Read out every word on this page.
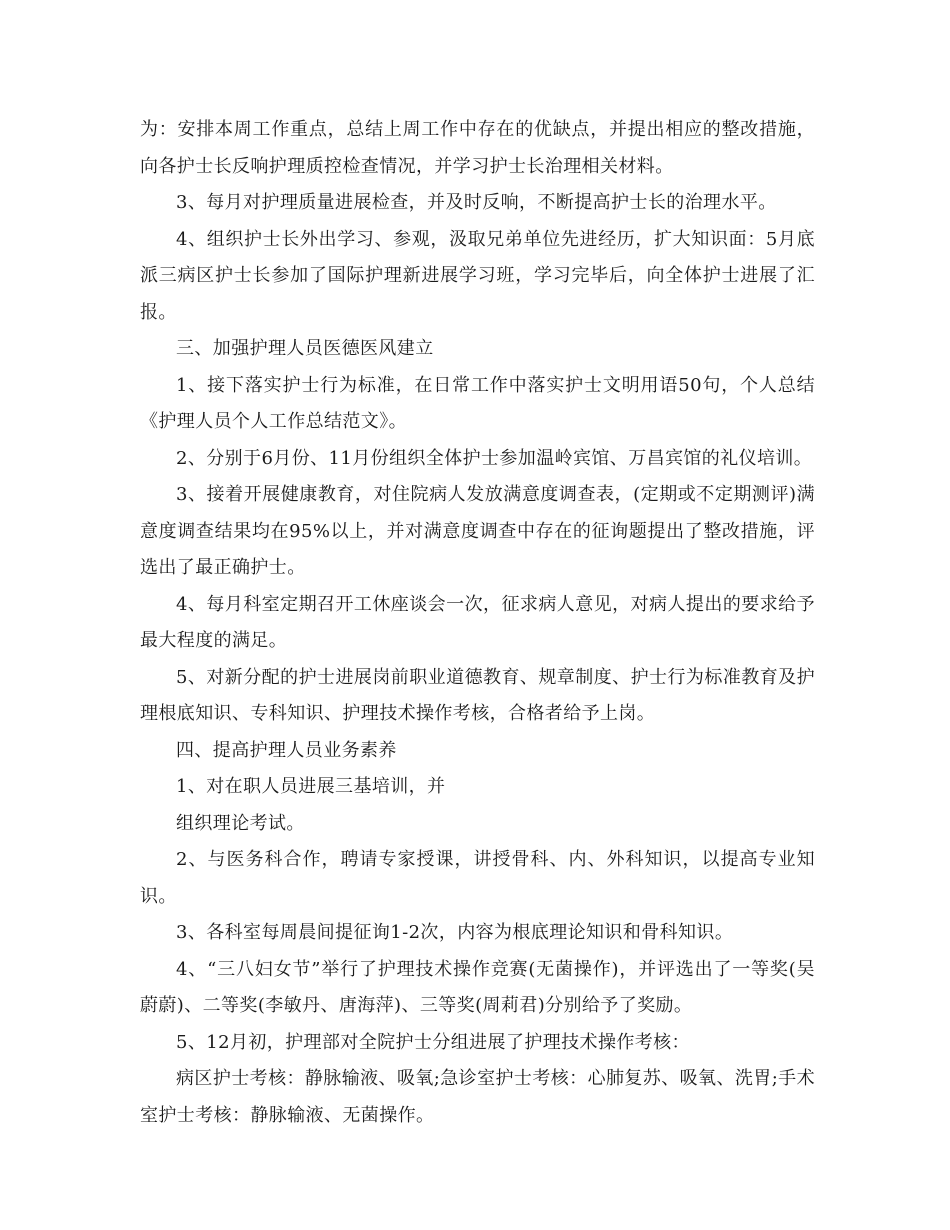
为：安排本周工作重点，总结上周工作中存在的优缺点，并提出相应的整改措施，向各护士长反响护理质控检查情况，并学习护士长治理相关材料。

3、每月对护理质量进展检查，并及时反响，不断提高护士长的治理水平。

4、组织护士长外出学习、参观，汲取兄弟单位先进经历，扩大知识面：5月底派三病区护士长参加了国际护理新进展学习班，学习完毕后，向全体护士进展了汇报。

三、加强护理人员医德医风建立

1、接下落实护士行为标准，在日常工作中落实护士文明用语50句，个人总结《护理人员个人工作总结范文》。

2、分别于6月份、11月份组织全体护士参加温岭宾馆、万昌宾馆的礼仪培训。

3、接着开展健康教育，对住院病人发放满意度调查表，(定期或不定期测评)满意度调查结果均在95%以上，并对满意度调查中存在的征询题提出了整改措施，评选出了最正确护士。

4、每月科室定期召开工休座谈会一次，征求病人意见，对病人提出的要求给予最大程度的满足。

5、对新分配的护士进展岗前职业道德教育、规章制度、护士行为标准教育及护理根底知识、专科知识、护理技术操作考核，合格者给予上岗。

四、提高护理人员业务素养

1、对在职人员进展三基培训，并

组织理论考试。

2、与医务科合作，聘请专家授课，讲授骨科、内、外科知识，以提高专业知识。

3、各科室每周晨间提征询1-2次，内容为根底理论知识和骨科知识。

4、“三八妇女节”举行了护理技术操作竞赛(无菌操作)，并评选出了一等奖(吴蔚蔚)、二等奖(李敏丹、唐海萍)、三等奖(周莉君)分别给予了奖励。

5、12月初，护理部对全院护士分组进展了护理技术操作考核：

病区护士考核：静脉输液、吸氧;急诊室护士考核：心肺复苏、吸氧、洗胃;手术室护士考核：静脉输液、无菌操作。
